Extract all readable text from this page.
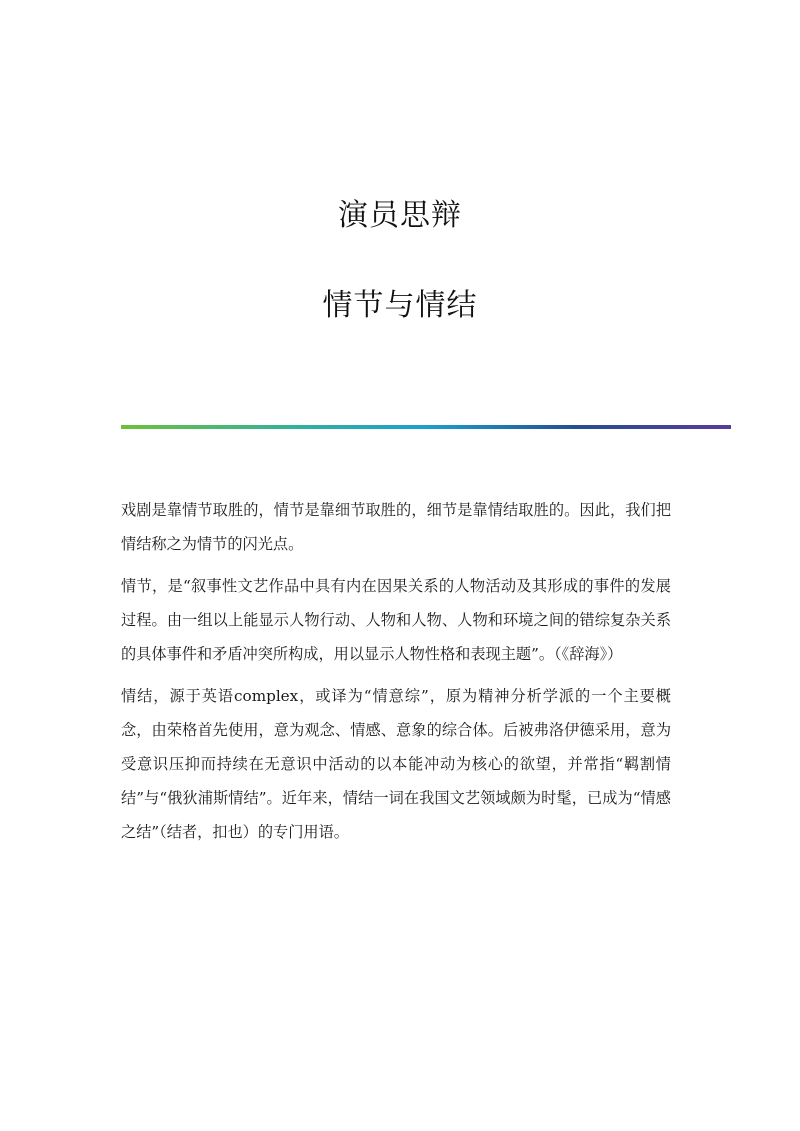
演员思辩
情节与情结

戏剧是靠情节取胜的，情节是靠细节取胜的，细节是靠情结取胜的。因此，我们把情结称之为情节的闪光点。

情节，是“叙事性文艺作品中具有内在因果关系的人物活动及其形成的事件的发展过程。由一组以上能显示人物行动、人物和人物、人物和环境之间的错综复杂关系的具体事件和矛盾冲突所构成，用以显示人物性格和表现主题”。（《辞海》）

情结，源于英语complex，或译为“情意综”，原为精神分析学派的一个主要概念，由荣格首先使用，意为观念、情感、意象的综合体。后被弗洛伊德采用，意为受意识压抑而持续在无意识中活动的以本能冲动为核心的欲望，并常指“羁割情结”与“俄狄浦斯情结”。近年来，情结一词在我国文艺领域颇为时髦，已成为“情感之结”（结者，扣也）的专门用语。
